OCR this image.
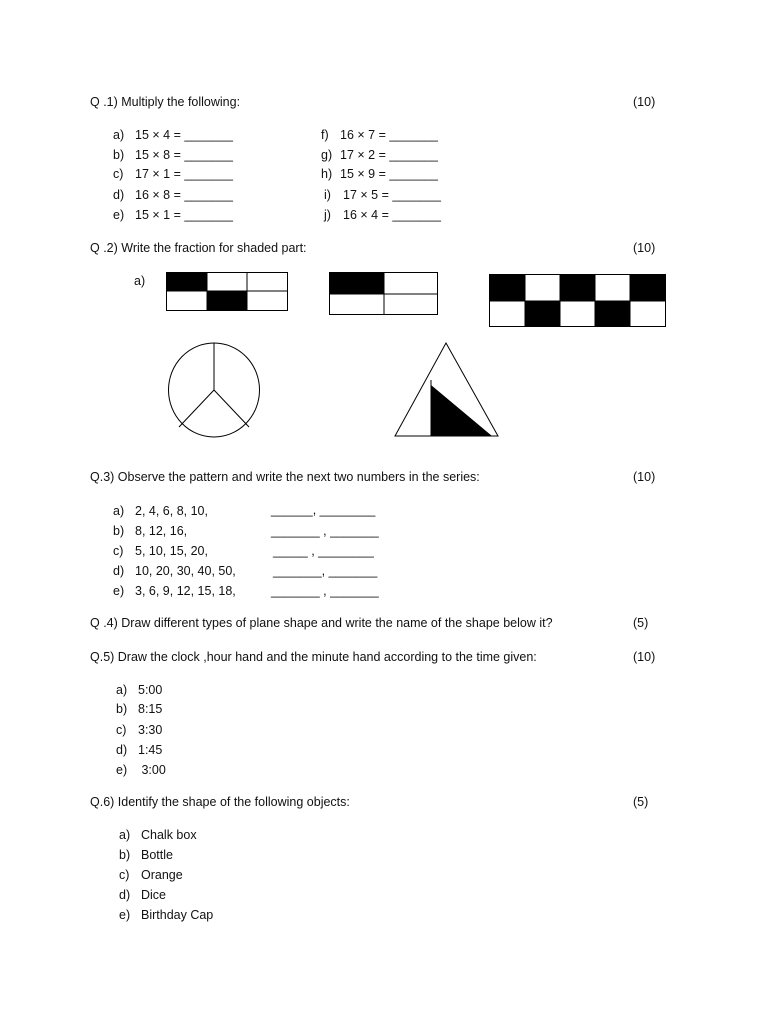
Q .1) Multiply the following:	(10)
a) 15 × 4 = _______
b) 15 × 8 = _______
c) 17 × 1 = _______
d) 16 × 8 = _______
e) 15 × 1 = _______
f) 16 × 7 = _______
g) 17 × 2 = _______
h) 15 × 9 = _______
i) 17 × 5 = _______
j) 16 × 4 = _______
Q .2) Write the fraction for shaded part:	(10)
a)
Q.3) Observe the pattern and write the next two numbers in the series:	(10)
a) 2, 4, 6, 8, 10,	______, ________
b) 8, 12, 16,	_______ , _______
c) 5, 10, 15, 20,	_____ , ________
d) 10, 20, 30, 40, 50,	_______, _______
e) 3, 6, 9, 12, 15, 18,	_______ , _______
Q .4) Draw different types of plane shape and write the name of the shape below it?	(5)
Q.5) Draw the clock ,hour hand and the minute hand according to the time given:	(10)
a) 5:00
b) 8:15
c) 3:30
d) 1:45
e) 3:00
Q.6) Identify the shape of the following objects:	(5)
a) Chalk box
b) Bottle
c) Orange
d) Dice
e) Birthday Cap
